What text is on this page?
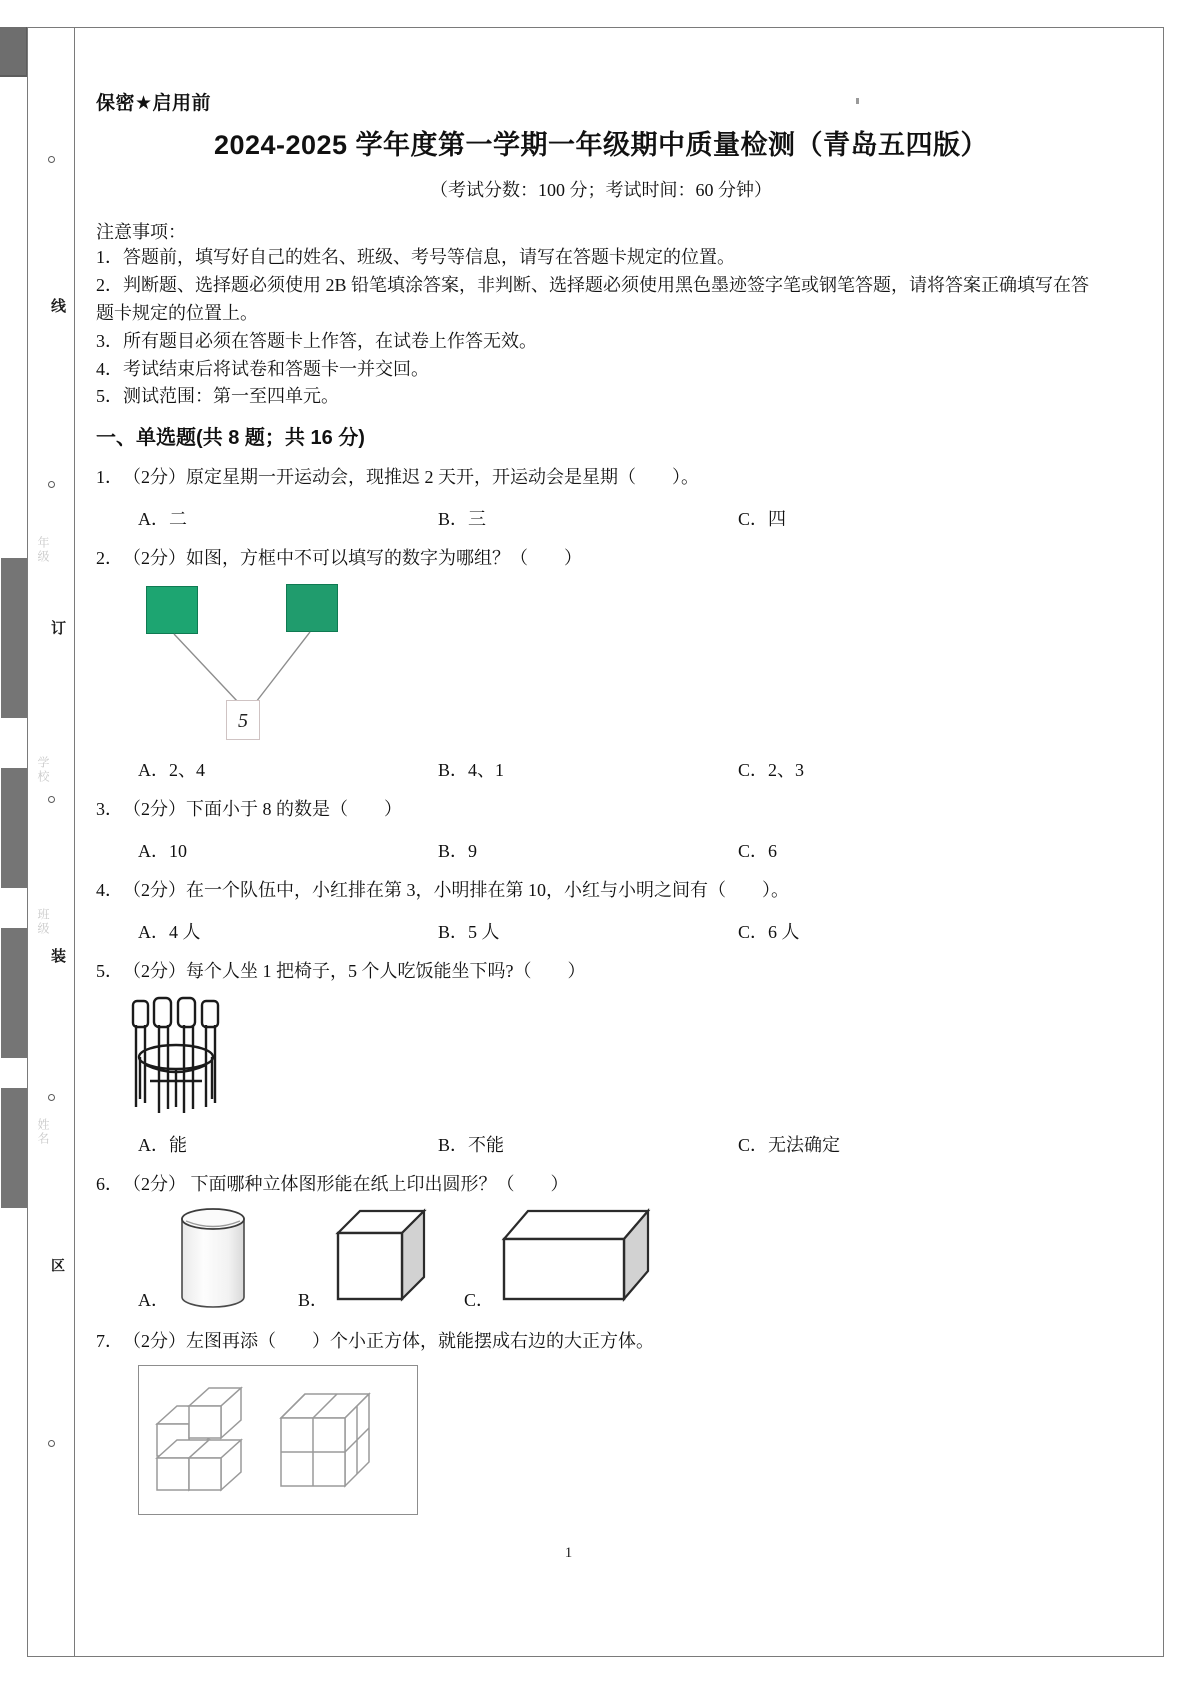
线
订
装
年级
学校
班级
姓名
区
保密★启用前
2024-2025 学年度第一学期一年级期中质量检测（青岛五四版）
（考试分数：100 分；考试时间：60 分钟）
注意事项：
1．答题前，填写好自己的姓名、班级、考号等信息，请写在答题卡规定的位置。
2．判断题、选择题必须使用 2B 铅笔填涂答案，非判断、选择题必须使用黑色墨迹签字笔或钢笔答题，请将答案正确填写在答题卡规定的位置上。
3．所有题目必须在答题卡上作答，在试卷上作答无效。
4．考试结束后将试卷和答题卡一并交回。
5．测试范围：第一至四单元。
一、单选题(共 8 题；共 16 分)
1．（2分）原定星期一开运动会，现推迟 2 天开，开运动会是星期（　　）。
A．二	B．三	C．四
2．（2分）如图，方框中不可以填写的数字为哪组？（　　）
5
A．2、4	B．4、1	C．2、3
3．（2分）下面小于 8 的数是（　　）
A．10	B．9	C．6
4．（2分）在一个队伍中，小红排在第 3，小明排在第 10，小红与小明之间有（　　）。
A．4 人	B．5 人	C．6 人
5．（2分）每个人坐 1 把椅子，5 个人吃饭能坐下吗?（　　）
A．能	B．不能	C．无法确定
6．（2分） 下面哪种立体图形能在纸上印出圆形？（　　）
A．	B．	C．
7．（2分）左图再添（　　）个小正方体，就能摆成右边的大正方体。
1
